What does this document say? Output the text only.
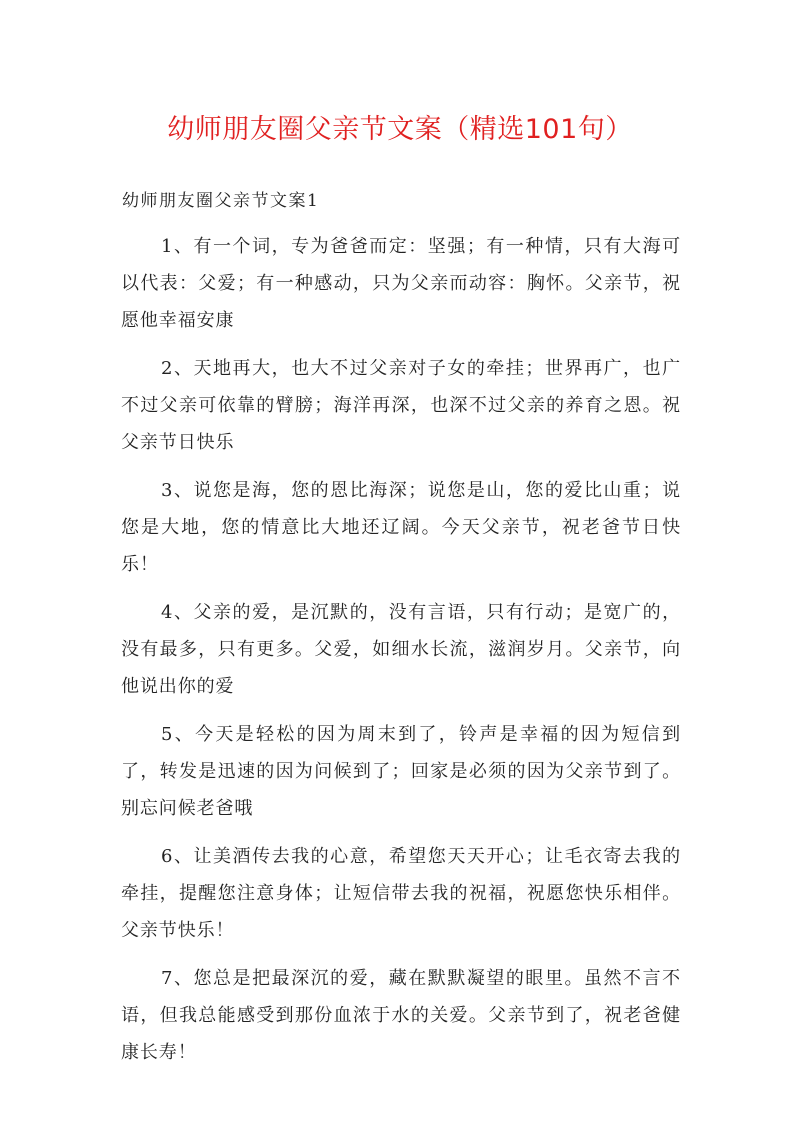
幼师朋友圈父亲节文案（精选101句）
幼师朋友圈父亲节文案1

1、有一个词，专为爸爸而定：坚强；有一种情，只有大海可以代表：父爱；有一种感动，只为父亲而动容：胸怀。父亲节，祝愿他幸福安康

2、天地再大，也大不过父亲对子女的牵挂；世界再广，也广不过父亲可依靠的臂膀；海洋再深，也深不过父亲的养育之恩。祝父亲节日快乐

3、说您是海，您的恩比海深；说您是山，您的爱比山重；说您是大地，您的情意比大地还辽阔。今天父亲节，祝老爸节日快乐！

4、父亲的爱，是沉默的，没有言语，只有行动；是宽广的，没有最多，只有更多。父爱，如细水长流，滋润岁月。父亲节，向他说出你的爱

5、今天是轻松的因为周末到了，铃声是幸福的因为短信到了，转发是迅速的因为问候到了；回家是必须的因为父亲节到了。别忘问候老爸哦

6、让美酒传去我的心意，希望您天天开心；让毛衣寄去我的牵挂，提醒您注意身体；让短信带去我的祝福，祝愿您快乐相伴。父亲节快乐！

7、您总是把最深沉的爱，藏在默默凝望的眼里。虽然不言不语，但我总能感受到那份血浓于水的关爱。父亲节到了，祝老爸健康长寿！
